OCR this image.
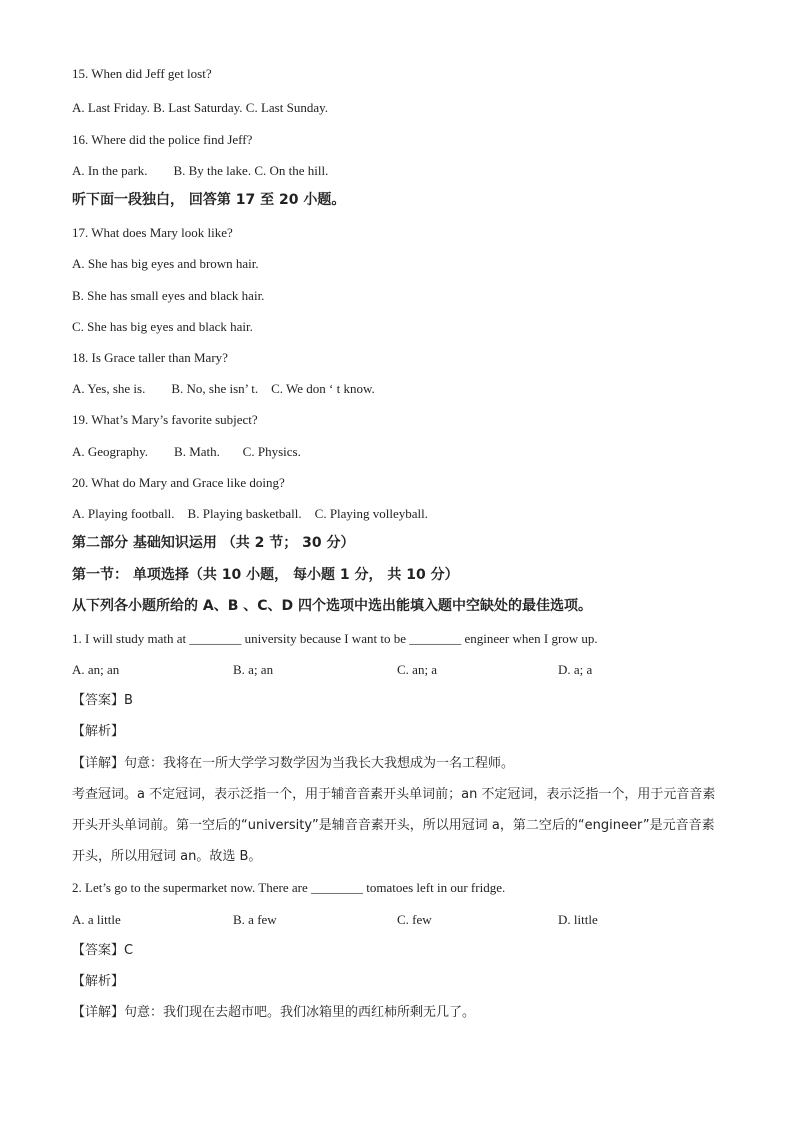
15. When did Jeff get lost?
A. Last Friday. B. Last Saturday. C. Last Sunday.
16. Where did the police find Jeff?
A. In the park.        B. By the lake. C. On the hill.
听下面一段独白， 回答第 17 至 20 小题。
17. What does Mary look like?
A. She has big eyes and brown hair.
B. She has small eyes and black hair.
C. She has big eyes and black hair.
18. Is Grace taller than Mary?
A. Yes, she is.        B. No, she isn’ t.    C. We don ‘ t know.
19. What’s Mary’s favorite subject?
A. Geography.        B. Math.       C. Physics.
20. What do Mary and Grace like doing?
A. Playing football.    B. Playing basketball.    C. Playing volleyball.
第二部分 基础知识运用 （共 2 节； 30 分）
第一节： 单项选择（共 10 小题， 每小题 1 分， 共 10 分）
从下列各小题所给的 A、B 、C、D 四个选项中选出能填入题中空缺处的最佳选项。
1. I will study math at ________ university because I want to be ________ engineer when I grow up.
A. an; an	B. a; an	C. an; a	D. a; a
【答案】B
【解析】
【详解】句意：我将在一所大学学习数学因为当我长大我想成为一名工程师。
考查冠词。a 不定冠词，表示泛指一个，用于辅音音素开头单词前；an 不定冠词，表示泛指一个，用于元音音素开头开头单词前。第一空后的“university”是辅音音素开头，所以用冠词 a，第二空后的“engineer”是元音音素开头，所以用冠词 an。故选 B。
2. Let’s go to the supermarket now. There are ________ tomatoes left in our fridge.
A. a little	B. a few	C. few	D. little
【答案】C
【解析】
【详解】句意：我们现在去超市吧。我们冰箱里的西红柿所剩无几了。
